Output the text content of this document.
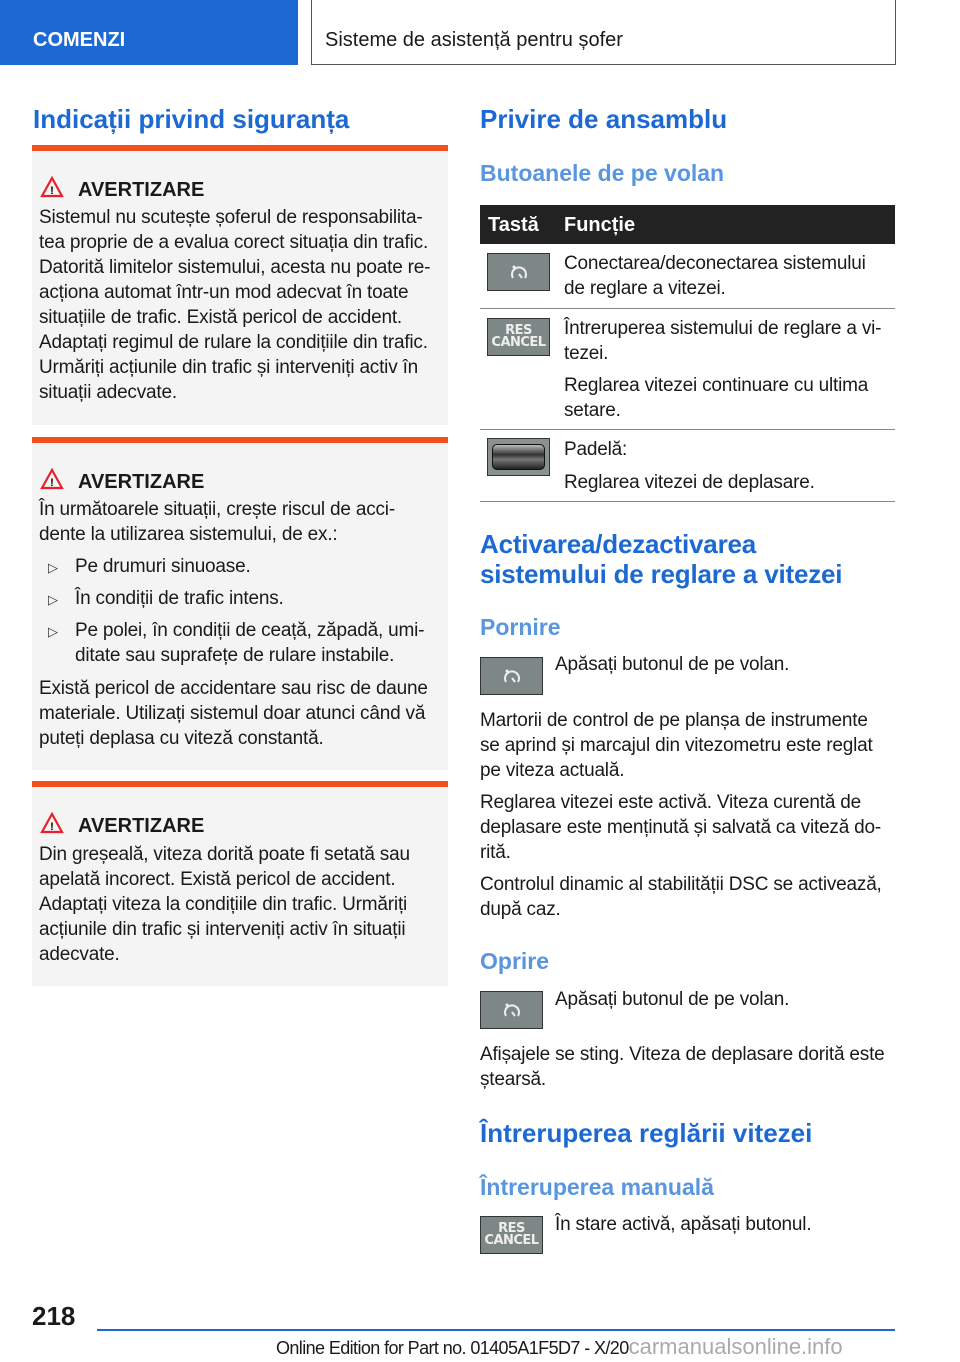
COMENZI	Sisteme de asistență pentru șofer
Indicații privind siguranța
! AVERTIZARE
Sistemul nu scutește șoferul de responsabilita-
tea proprie de a evalua corect situația din trafic.
Datorită limitelor sistemului, acesta nu poate re-
acționa automat într-un mod adecvat în toate
situațiile de trafic. Există pericol de accident.
Adaptați regimul de rulare la condițiile din trafic.
Urmăriți acțiunile din trafic și interveniți activ în
situații adecvate.
! AVERTIZARE
În următoarele situații, crește riscul de acci-
dente la utilizarea sistemului, de ex.:
▷ Pe drumuri sinuoase.
▷ În condiții de trafic intens.
▷ Pe polei, în condiții de ceață, zăpadă, umi-
ditate sau suprafețe de rulare instabile.
Există pericol de accidentare sau risc de daune
materiale. Utilizați sistemul doar atunci când vă
puteți deplasa cu viteză constantă.
! AVERTIZARE
Din greșeală, viteza dorită poate fi setată sau
apelată incorect. Există pericol de accident.
Adaptați viteza la condițiile din trafic. Urmăriți
acțiunile din trafic și interveniți activ în situații
adecvate.
Privire de ansamblu
Butoanele de pe volan
Tastă Funcție
Conectarea/deconectarea sistemului
de reglare a vitezei.
RES
CANCEL
Întreruperea sistemului de reglare a vi-
tezei.
Reglarea vitezei continuare cu ultima
setare.
Padelă:
Reglarea vitezei de deplasare.
Activarea/dezactivarea
sistemului de reglare a vitezei
Pornire
Apăsați butonul de pe volan.
Martorii de control de pe planșa de instrumente
se aprind și marcajul din vitezometru este reglat
pe viteza actuală.
Reglarea vitezei este activă. Viteza curentă de
deplasare este menținută și salvată ca viteză do-
rită.
Controlul dinamic al stabilității DSC se activează,
după caz.
Oprire
Apăsați butonul de pe volan.
Afișajele se sting. Viteza de deplasare dorită este
ștearsă.
Întreruperea reglării vitezei
Întreruperea manuală
RES
CANCEL
În stare activă, apăsați butonul.
218
Online Edition for Part no. 01405A1F5D7 - X/20carmanualsonline.info
